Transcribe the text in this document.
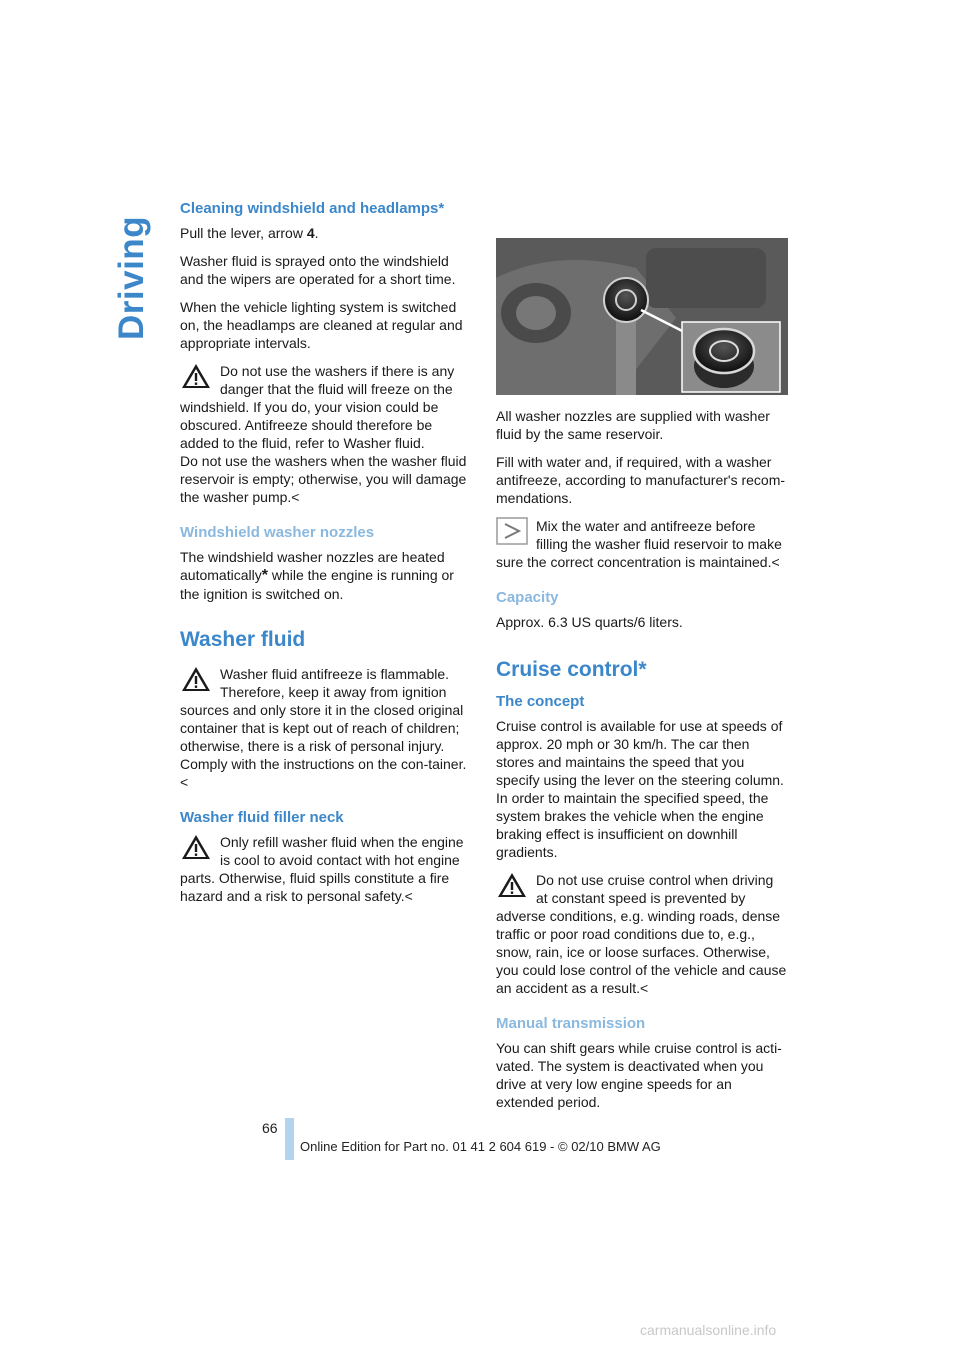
Driving
Cleaning windshield and headlamps*

Pull the lever, arrow 4.

Washer fluid is sprayed onto the windshield and the wipers are operated for a short time.

When the vehicle lighting system is switched on, the headlamps are cleaned at regular and appropriate intervals.

Do not use the washers if there is any danger that the fluid will freeze on the windshield. If you do, your vision could be obscured. Antifreeze should therefore be added to the fluid, refer to Washer fluid.

Do not use the washers when the washer fluid reservoir is empty; otherwise, you will damage the washer pump.<

Windshield washer nozzles

The windshield washer nozzles are heated automatically* while the engine is running or the ignition is switched on.

Washer fluid

Washer fluid antifreeze is flammable. Therefore, keep it away from ignition sources and only store it in the closed original container that is kept out of reach of children; otherwise, there is a risk of personal injury. Comply with the instructions on the con-tainer.<

Washer fluid filler neck

Only refill washer fluid when the engine is cool to avoid contact with hot engine parts. Otherwise, fluid spills constitute a fire hazard and a risk to personal safety.<

All washer nozzles are supplied with washer fluid by the same reservoir.

Fill with water and, if required, with a washer antifreeze, according to manufacturer's recom-mendations.

Mix the water and antifreeze before filling the washer fluid reservoir to make sure the correct concentration is maintained.<

Capacity

Approx. 6.3 US quarts/6 liters.

Cruise control*
The concept

Cruise control is available for use at speeds of approx. 20 mph or 30 km/h. The car then stores and maintains the speed that you specify using the lever on the steering column. In order to maintain the specified speed, the system brakes the vehicle when the engine braking effect is insufficient on downhill gradients.

Do not use cruise control when driving at constant speed is prevented by adverse conditions, e.g. winding roads, dense traffic or poor road conditions due to, e.g., snow, rain, ice or loose surfaces. Otherwise, you could lose control of the vehicle and cause an accident as a result.<

Manual transmission

You can shift gears while cruise control is acti-vated. The system is deactivated when you drive at very low engine speeds for an extended period.

66
Online Edition for Part no. 01 41 2 604 619 - © 02/10 BMW AG
carmanualsonline.info
